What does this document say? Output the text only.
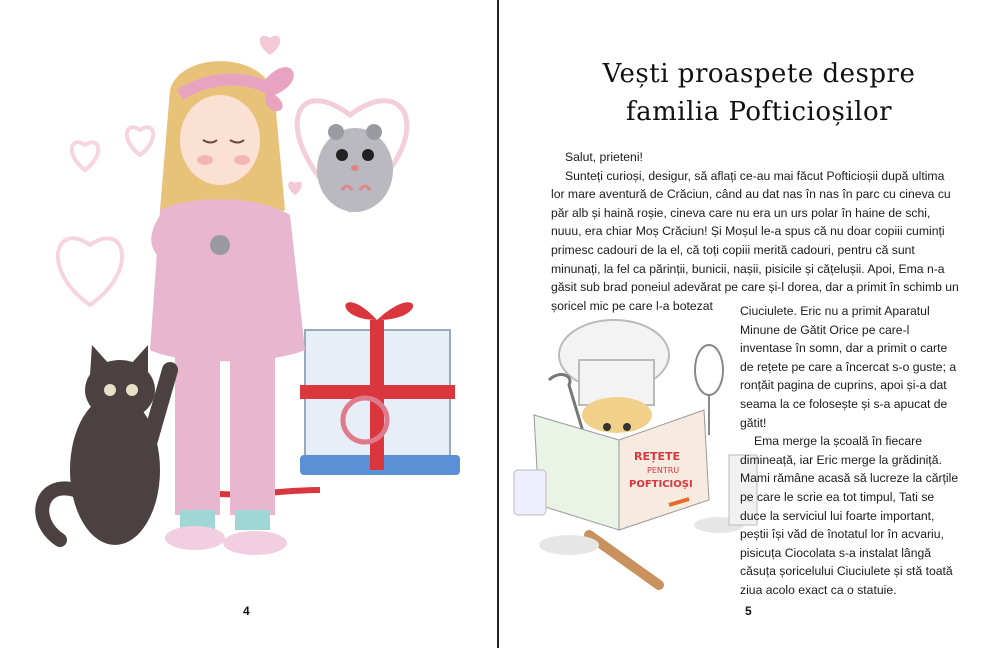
4
Vești proaspete despre
familia Pofticioșilor

Salut, prieteni!

Sunteți curioși, desigur, să aflați ce-au mai făcut Pofticioșii după ultima lor mare aventură de Crăciun, când au dat nas în nas în parc cu cineva cu păr alb și haină roșie, cineva care nu era un urs polar în haine de schi, nuuu, era chiar Moș Crăciun! Și Moșul le-a spus că nu doar copiii cuminți primesc cadouri de la el, că toți copiii merită cadouri, pentru că sunt minunați, la fel ca părinții, bunicii, nașii, pisicile și cățelușii. Apoi, Ema n-a găsit sub brad poneiul adevărat pe care și-l dorea, dar a primit în schimb un șoricel mic pe care l-a botezat

REȚETE
PENTRU
POFTICIOȘI

Ciuciulete. Eric nu a primit Aparatul Minune de Gătit Orice pe care-l inventase în somn, dar a primit o carte de rețete pe care a încercat s-o guste; a ronțăit pagina de cuprins, apoi și-a dat seama la ce folosește și s-a apucat de gătit!

Ema merge la școală în fiecare dimineață, iar Eric merge la grădiniță. Mami rămâne acasă să lucreze la cărțile pe care le scrie ea tot timpul, Tati se duce la serviciul lui foarte important, peștii își văd de înotatul lor în acvariu, pisicuța Ciocolata s-a instalat lângă căsuța șoricelului Ciuciulete și stă toată ziua acolo exact ca o statuie.

5
